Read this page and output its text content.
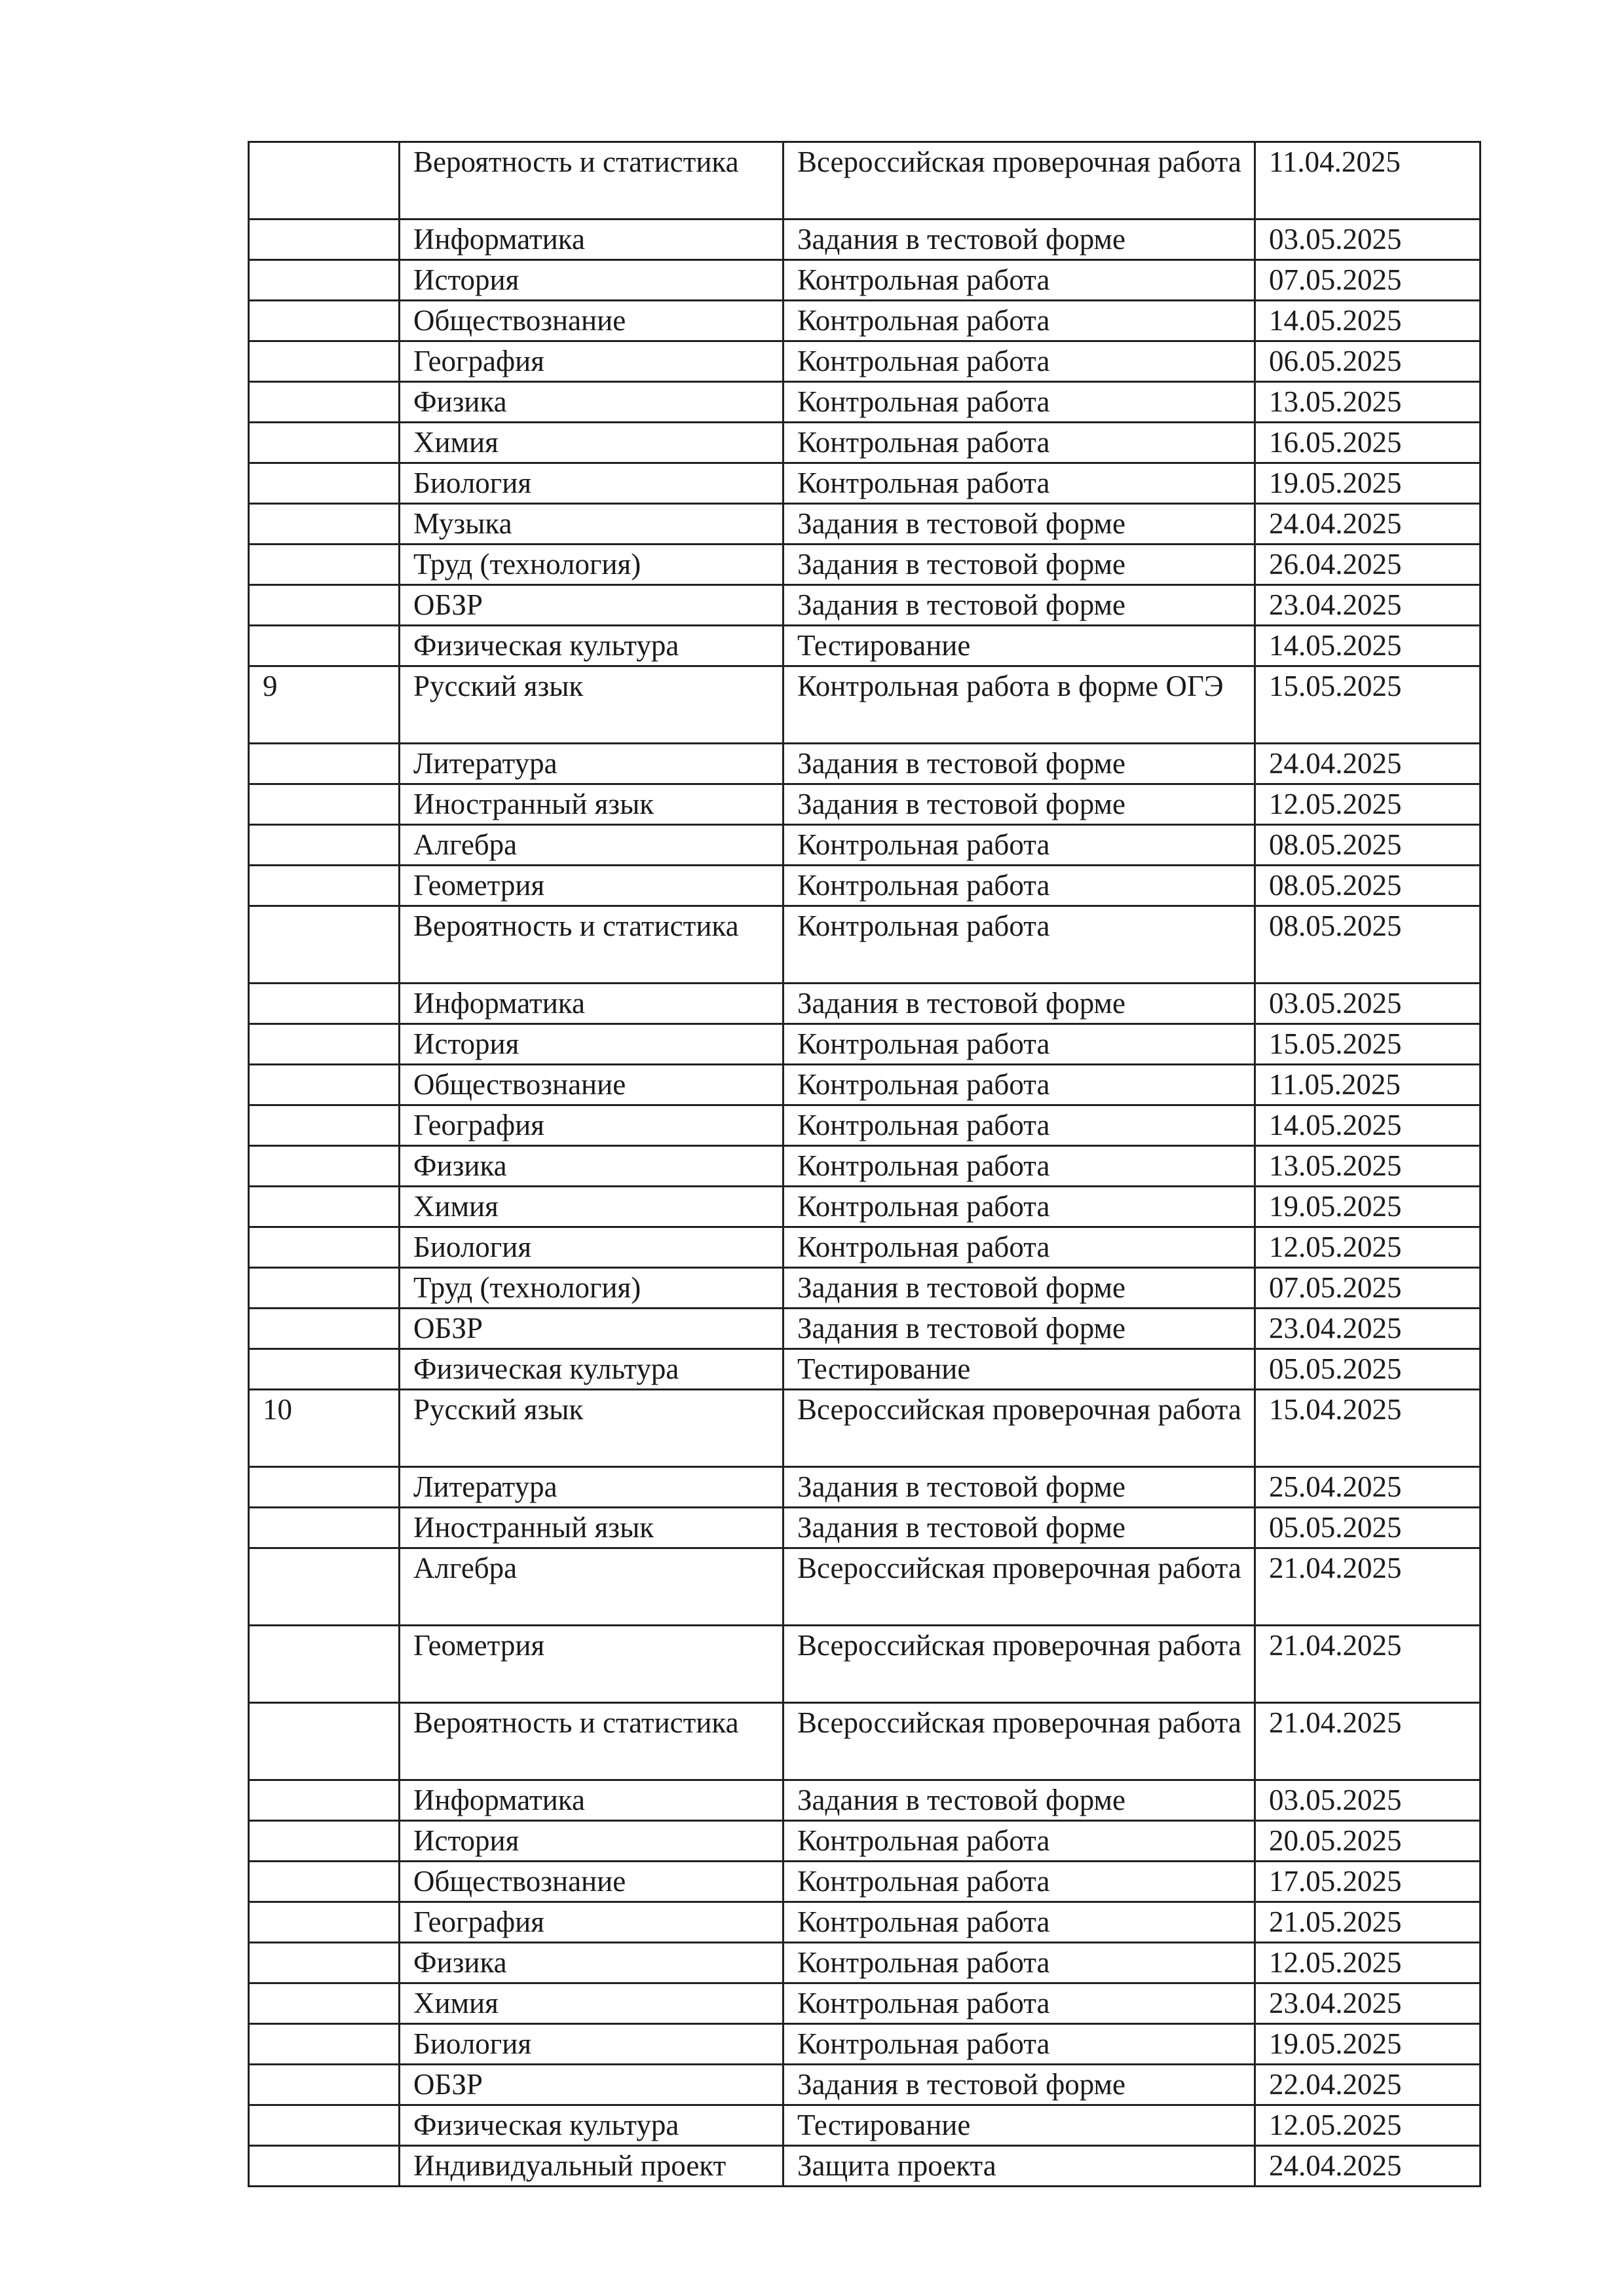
	Вероятность и статистика	Всероссийская проверочная работа	11.04.2025
	Информатика	Задания в тестовой форме	03.05.2025
	История	Контрольная работа	07.05.2025
	Обществознание	Контрольная работа	14.05.2025
	География	Контрольная работа	06.05.2025
	Физика	Контрольная работа	13.05.2025
	Химия	Контрольная работа	16.05.2025
	Биология	Контрольная работа	19.05.2025
	Музыка	Задания в тестовой форме	24.04.2025
	Труд (технология)	Задания в тестовой форме	26.04.2025
	ОБЗР	Задания в тестовой форме	23.04.2025
	Физическая культура	Тестирование	14.05.2025
9	Русский язык	Контрольная работа в форме ОГЭ	15.05.2025
	Литература	Задания в тестовой форме	24.04.2025
	Иностранный язык	Задания в тестовой форме	12.05.2025
	Алгебра	Контрольная работа	08.05.2025
	Геометрия	Контрольная работа	08.05.2025
	Вероятность и статистика	Контрольная работа	08.05.2025
	Информатика	Задания в тестовой форме	03.05.2025
	История	Контрольная работа	15.05.2025
	Обществознание	Контрольная работа	11.05.2025
	География	Контрольная работа	14.05.2025
	Физика	Контрольная работа	13.05.2025
	Химия	Контрольная работа	19.05.2025
	Биология	Контрольная работа	12.05.2025
	Труд (технология)	Задания в тестовой форме	07.05.2025
	ОБЗР	Задания в тестовой форме	23.04.2025
	Физическая культура	Тестирование	05.05.2025
10	Русский язык	Всероссийская проверочная работа	15.04.2025
	Литература	Задания в тестовой форме	25.04.2025
	Иностранный язык	Задания в тестовой форме	05.05.2025
	Алгебра	Всероссийская проверочная работа	21.04.2025
	Геометрия	Всероссийская проверочная работа	21.04.2025
	Вероятность и статистика	Всероссийская проверочная работа	21.04.2025
	Информатика	Задания в тестовой форме	03.05.2025
	История	Контрольная работа	20.05.2025
	Обществознание	Контрольная работа	17.05.2025
	География	Контрольная работа	21.05.2025
	Физика	Контрольная работа	12.05.2025
	Химия	Контрольная работа	23.04.2025
	Биология	Контрольная работа	19.05.2025
	ОБЗР	Задания в тестовой форме	22.04.2025
	Физическая культура	Тестирование	12.05.2025
	Индивидуальный проект	Защита проекта	24.04.2025
